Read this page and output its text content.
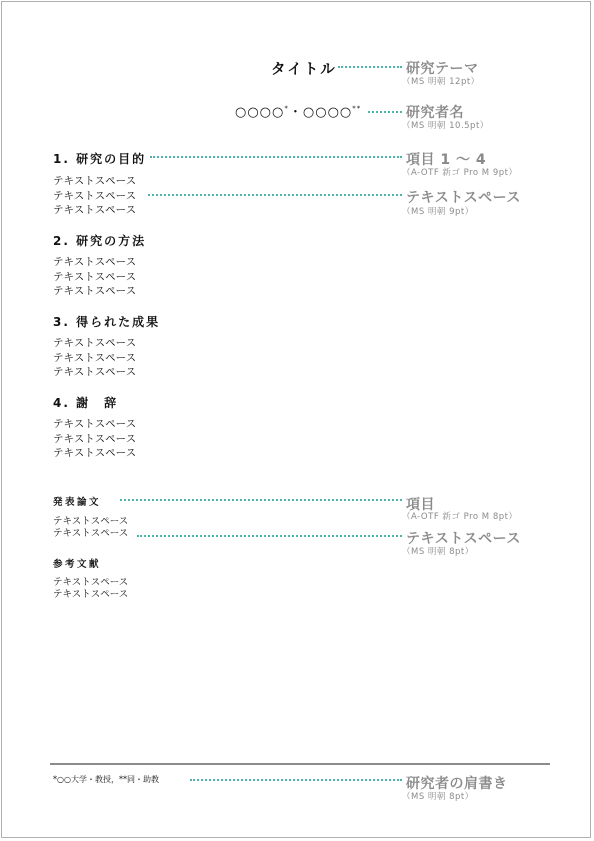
タイトル	研究テーマ
（MS 明朝 12pt）
○○○○*・○○○○**	研究者名
（MS 明朝 10.5pt）
1. 研究の目的	項目 1 〜 4
（A-OTF 新ゴ Pro M 9pt）
テキストスペース
テキストスペース
テキストスペース
テキストスペース
（MS 明朝 9pt）
2. 研究の方法
テキストスペース
テキストスペース
テキストスペース
3. 得られた成果
テキストスペース
テキストスペース
テキストスペース
4. 謝　辞
テキストスペース
テキストスペース
テキストスペース
発表論文	項目
（A-OTF 新ゴ Pro M 8pt）
テキストスペース
テキストスペース	テキストスペース
（MS 明朝 8pt）
参考文献
テキストスペース
テキストスペース
*○○大学・教授，**同・助教	研究者の肩書き
（MS 明朝 8pt）
